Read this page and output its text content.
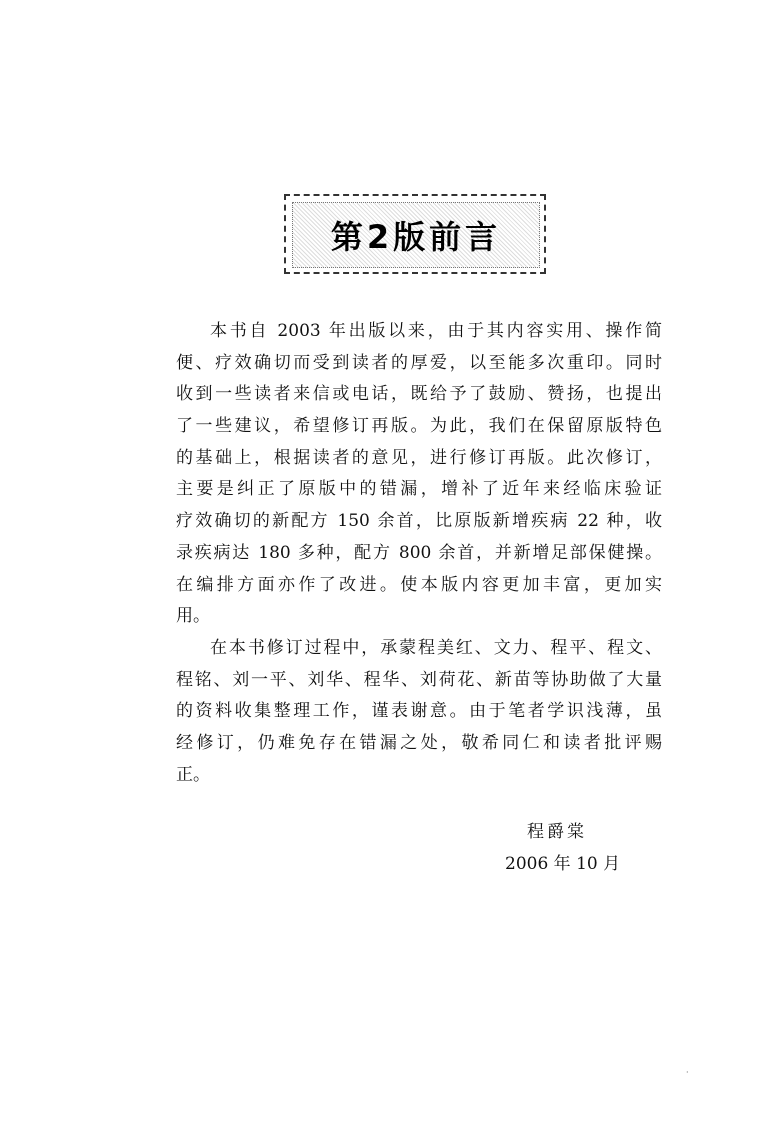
第2版前言
本书自 2003 年出版以来，由于其内容实用、操作简
便、疗效确切而受到读者的厚爱，以至能多次重印。同时
收到一些读者来信或电话，既给予了鼓励、赞扬，也提出
了一些建议，希望修订再版。为此，我们在保留原版特色
的基础上，根据读者的意见，进行修订再版。此次修订，
主要是纠正了原版中的错漏，增补了近年来经临床验证
疗效确切的新配方 150 余首，比原版新增疾病 22 种，收
录疾病达 180 多种，配方 800 余首，并新增足部保健操。
在编排方面亦作了改进。使本版内容更加丰富，更加实
用。
在本书修订过程中，承蒙程美红、文力、程平、程文、
程铭、刘一平、刘华、程华、刘荷花、新苗等协助做了大量
的资料收集整理工作，谨表谢意。由于笔者学识浅薄，虽
经修订，仍难免存在错漏之处，敬希同仁和读者批评赐
正。
程爵棠
2006 年 10 月
·
